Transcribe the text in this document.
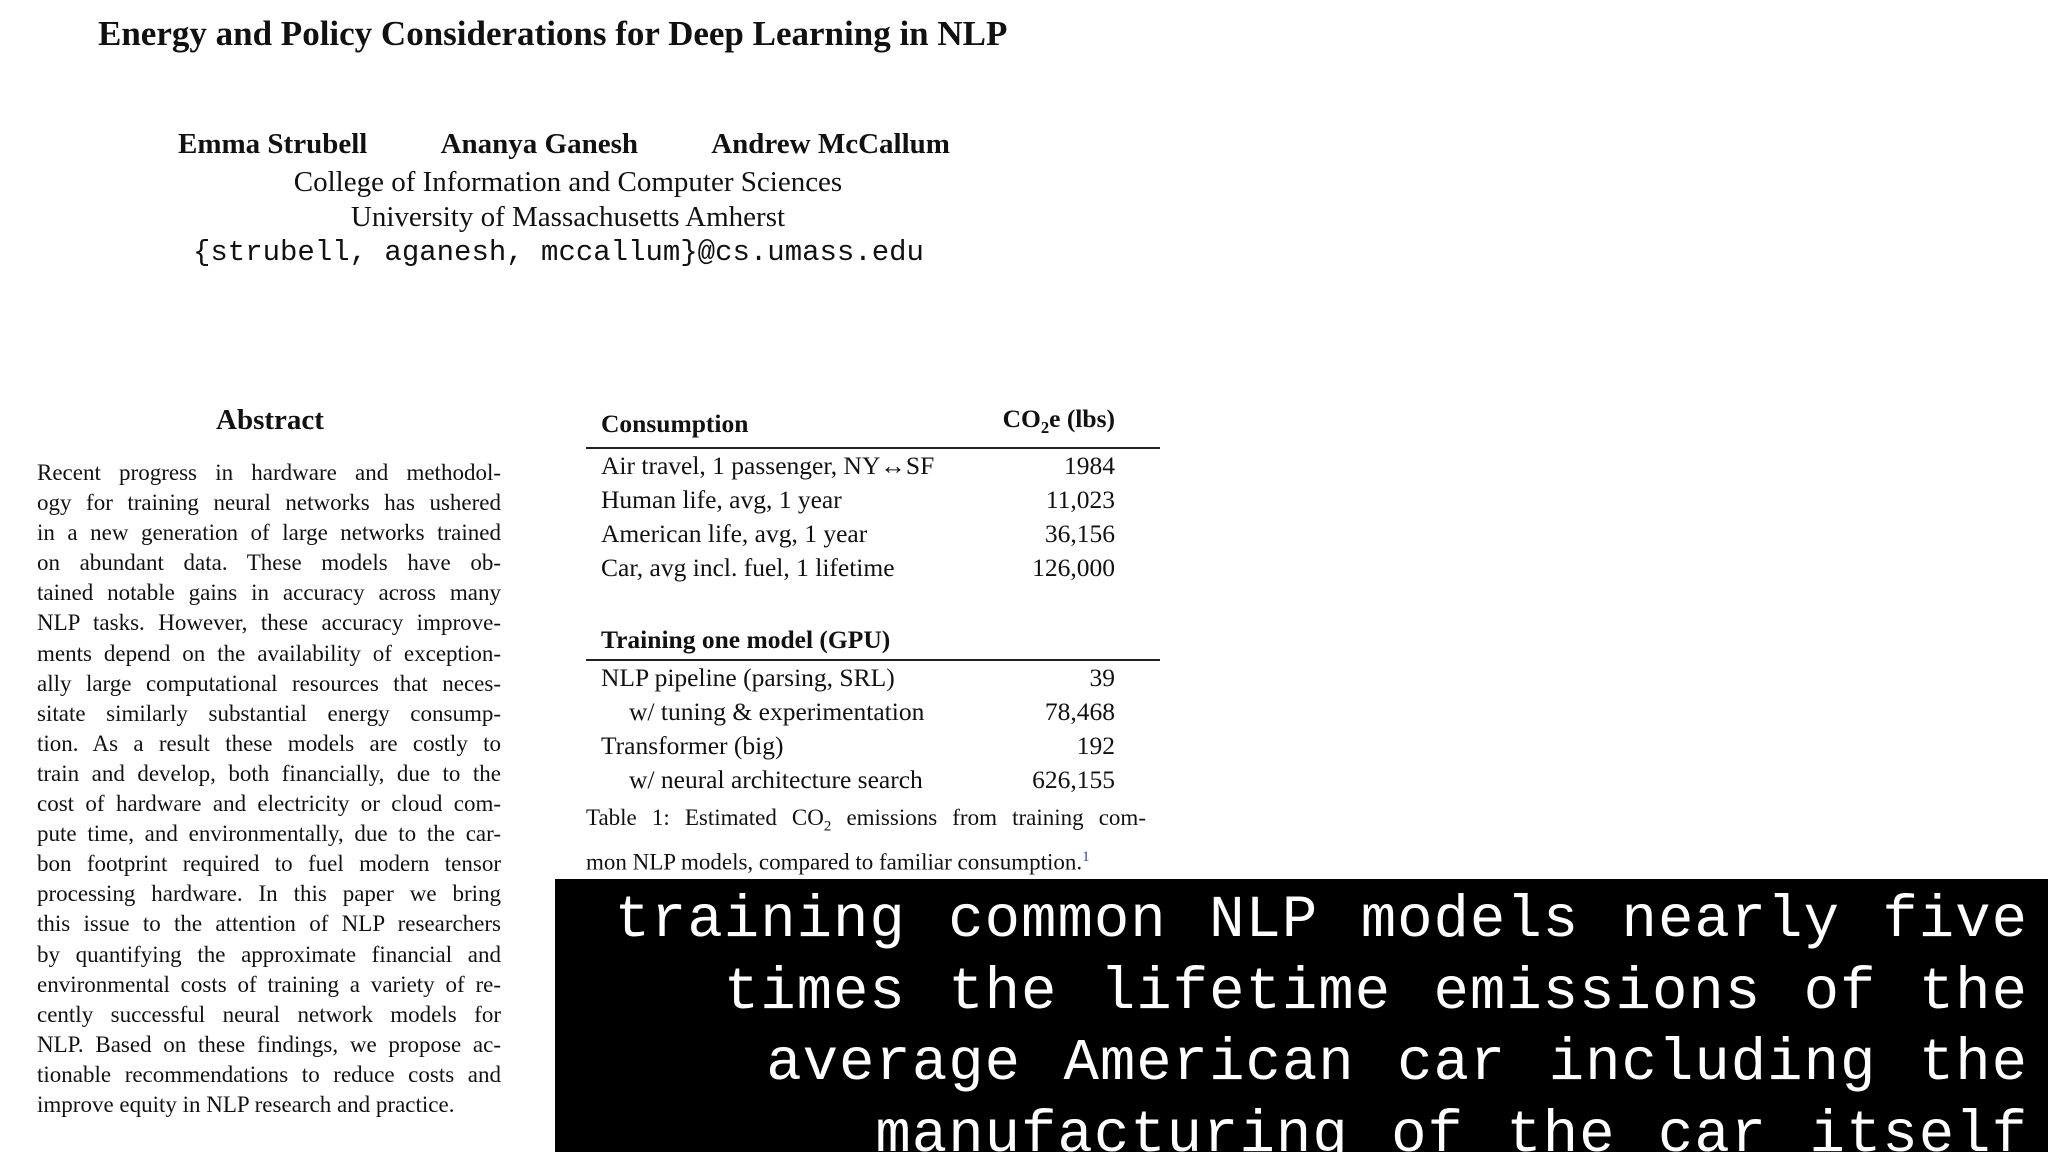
Energy and Policy Considerations for Deep Learning in NLP
Emma Strubell	Ananya Ganesh	Andrew McCallum
College of Information and Computer Sciences
University of Massachusetts Amherst
{strubell, aganesh, mccallum}@cs.umass.edu
Abstract
Recent progress in hardware and methodol-
ogy for training neural networks has ushered
in a new generation of large networks trained
on abundant data. These models have ob-
tained notable gains in accuracy across many
NLP tasks. However, these accuracy improve-
ments depend on the availability of exception-
ally large computational resources that neces-
sitate similarly substantial energy consump-
tion. As a result these models are costly to
train and develop, both financially, due to the
cost of hardware and electricity or cloud com-
pute time, and environmentally, due to the car-
bon footprint required to fuel modern tensor
processing hardware. In this paper we bring
this issue to the attention of NLP researchers
by quantifying the approximate financial and
environmental costs of training a variety of re-
cently successful neural network models for
NLP. Based on these findings, we propose ac-
tionable recommendations to reduce costs and
improve equity in NLP research and practice.
Consumption	$CO_2e$ (lbs)
Air travel, 1 passenger, NY↔SF	1984
Human life, avg, 1 year	11,023
American life, avg, 1 year	36,156
Car, avg incl. fuel, 1 lifetime	126,000

Training one model (GPU)	
NLP pipeline (parsing, SRL)	39
w/ tuning & experimentation	78,468
Transformer (big)	192
w/ neural architecture search	626,155
Table 1: Estimated $CO_2$ emissions from training com-
mon NLP models, compared to familiar consumption.$^1$
training common NLP models nearly five
times the lifetime emissions of the
average American car including the
manufacturing of the car itself
